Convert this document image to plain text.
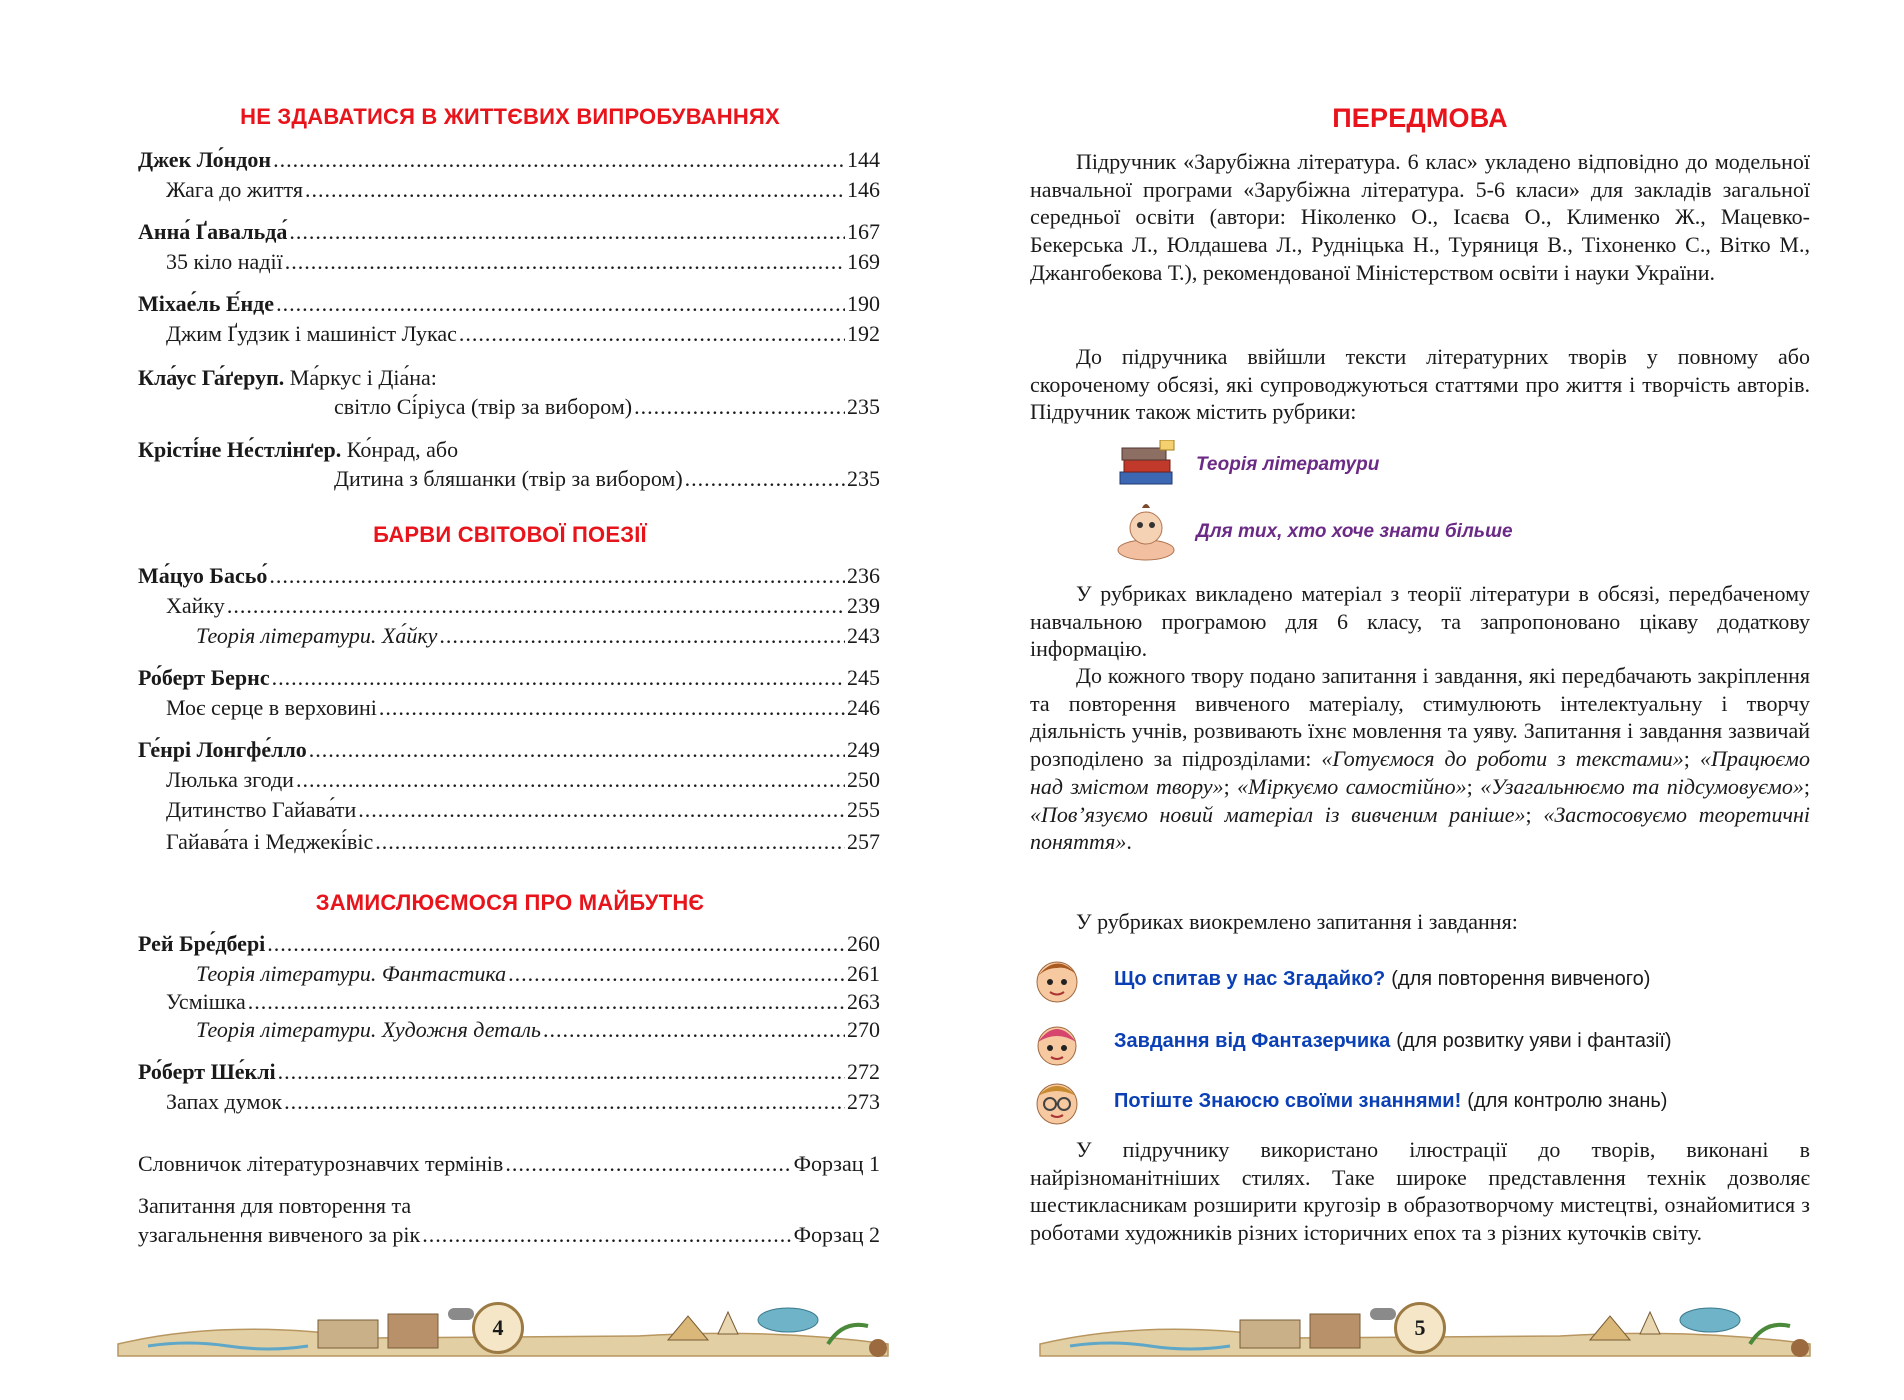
НЕ ЗДАВАТИСЯ В ЖИТТЄВИХ ВИПРОБУВАННЯХ
Джек Ло́ндон .....	144
Жага до життя .....	146
Анна́ Ґавальда́ .....	167
35 кіло надії .....	169
Міхае́ль Е́нде .....	190
Джим Ґудзик і машиніст Лукас .....	192
Кла́ус Га́ґеруп. Ма́ркус і Діа́на:
світло Сі́ріуса (твір за вибором) .....	235
Крісті́не Не́стлінґер. Ко́нрад, або
Дитина з бляшанки (твір за вибором) .....	235
БАРВИ СВІТОВОЇ ПОЕЗІЇ
Ма́цуо Басьо́ .....	236
Хайку .....	239
Теорія літератури. Ха́йку .....	243
Ро́берт Бернс .....	245
Моє серце в верховині .....	246
Ге́нрі Лонгфе́лло .....	249
Люлька згоди .....	250
Дитинство Гайава́ти .....	255
Гайава́та і Меджекі́віс .....	257
ЗАМИСЛЮЄМОСЯ ПРО МАЙБУТНЄ
Рей Бре́дбері .....	260
Теорія літератури. Фантастика .....	261
Усмішка .....	263
Теорія літератури. Художня деталь .....	270
Ро́берт Ше́клі .....	272
Запах думок .....	273
Словничок літературознавчих термінів .....	Форзац 1
Запитання для повторення та
узагальнення вивченого за рік .....	Форзац 2
4
ПЕРЕДМОВА

Підручник «Зарубіжна література. 6 клас» укладено відповідно до модельної навчальної програми «Зарубіжна література. 5-6 класи» для закладів загальної середньої освіти (автори: Ніколенко О., Ісаєва О., Клименко Ж., Мацевко-Бекерська Л., Юлдашева Л., Рудніцька Н., Туряниця В., Тіхоненко С., Вітко М., Джангобекова Т.), рекомендованої Міністерством освіти і науки України.

До підручника ввійшли тексти літературних творів у повному або скороченому обсязі, які супроводжуються статтями про життя і творчість авторів. Підручник також містить рубрики:

Теорія літератури
Для тих, хто хоче знати більше

У рубриках викладено матеріал з теорії літератури в обсязі, передбаченому навчальною програмою для 6 класу, та запропоновано цікаву додаткову інформацію.

До кожного твору подано запитання і завдання, які передбачають закріплення та повторення вивченого матеріалу, стимулюють інтелектуальну і творчу діяльність учнів, розвивають їхнє мовлення та уяву. Запитання і завдання зазвичай розподілено за підрозділами: «Готуємося до роботи з текстами»; «Працюємо над змістом твору»; «Міркуємо самостійно»; «Узагальнюємо та підсумовуємо»; «Пов’язуємо новий матеріал із вивченим раніше»; «Застосовуємо теоретичні поняття».

У рубриках виокремлено запитання і завдання:

Що спитав у нас Згадайко? (для повторення вивченого)
Завдання від Фантазерчика (для розвитку уяви і фантазії)
Потіште Знаюсю своїми знаннями! (для контролю знань)

У підручнику використано ілюстрації до творів, виконані в найрізноманітніших стилях. Таке широке представлення технік дозволяє шестикласникам розширити кругозір в образотворчому мистецтві, ознайомитися з роботами художників різних історичних епох та з різних куточків світу.

5
